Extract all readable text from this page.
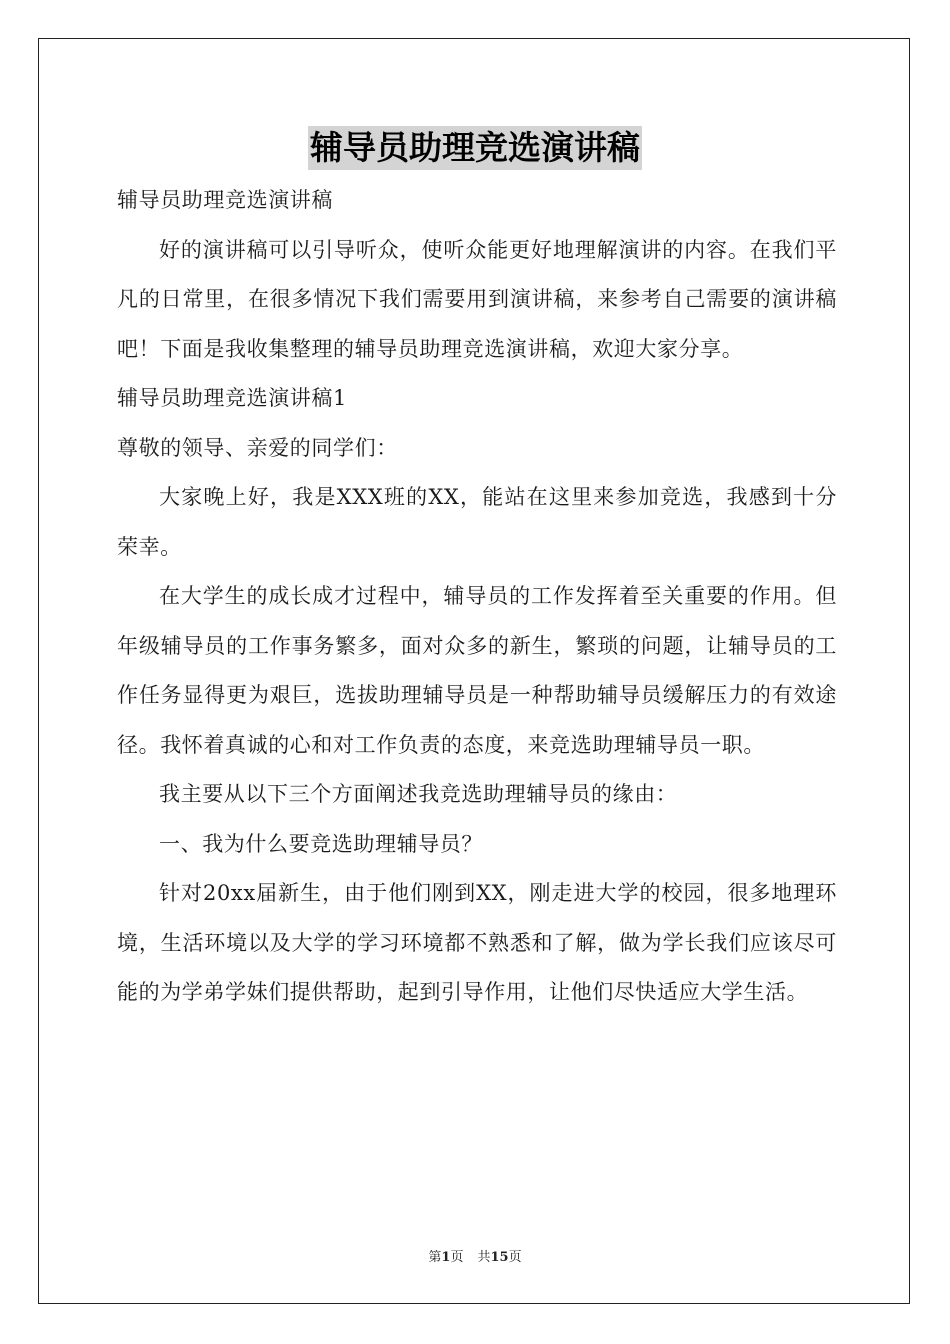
辅导员助理竞选演讲稿

辅导员助理竞选演讲稿

好的演讲稿可以引导听众，使听众能更好地理解演讲的内容。在我们平凡的日常里，在很多情况下我们需要用到演讲稿，来参考自己需要的演讲稿吧！下面是我收集整理的辅导员助理竞选演讲稿，欢迎大家分享。

辅导员助理竞选演讲稿1

尊敬的领导、亲爱的同学们：

大家晚上好，我是XXX班的XX，能站在这里来参加竞选，我感到十分荣幸。

在大学生的成长成才过程中，辅导员的工作发挥着至关重要的作用。但年级辅导员的工作事务繁多，面对众多的新生，繁琐的问题，让辅导员的工作任务显得更为艰巨，选拔助理辅导员是一种帮助辅导员缓解压力的有效途径。我怀着真诚的心和对工作负责的态度，来竞选助理辅导员一职。

我主要从以下三个方面阐述我竞选助理辅导员的缘由：

一、我为什么要竞选助理辅导员？

针对20xx届新生，由于他们刚到XX，刚走进大学的校园，很多地理环境，生活环境以及大学的学习环境都不熟悉和了解，做为学长我们应该尽可能的为学弟学妹们提供帮助，起到引导作用，让他们尽快适应大学生活。

第1页 共15页
